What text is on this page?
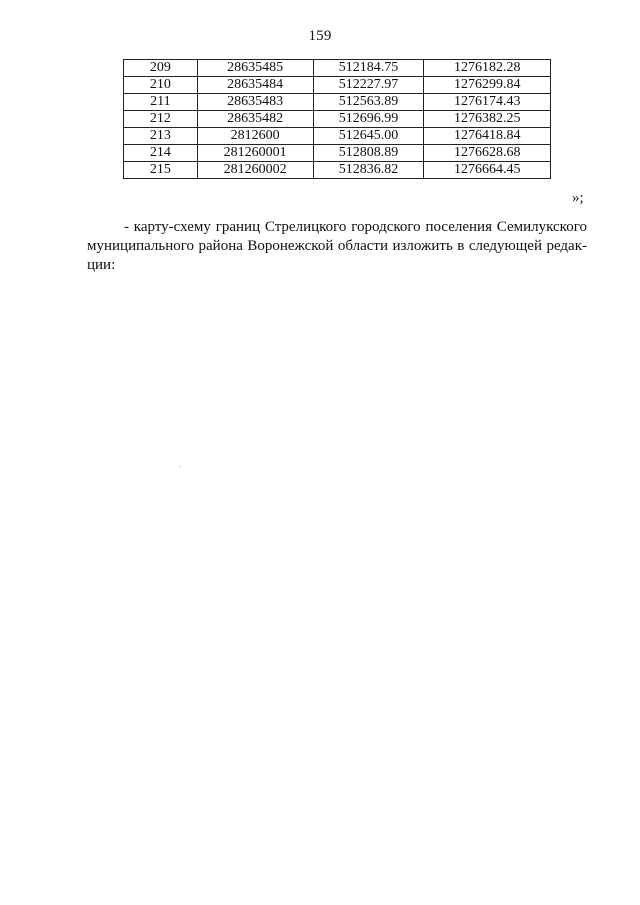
159
209	28635485	512184.75	1276182.28
210	28635484	512227.97	1276299.84
211	28635483	512563.89	1276174.43
212	28635482	512696.99	1276382.25
213	2812600	512645.00	1276418.84
214	281260001	512808.89	1276628.68
215	281260002	512836.82	1276664.45
»;
- карту-схему границ Стрелицкого городского поселения Семилукского
муниципального района Воронежской области изложить в следующей редак-
ции:
